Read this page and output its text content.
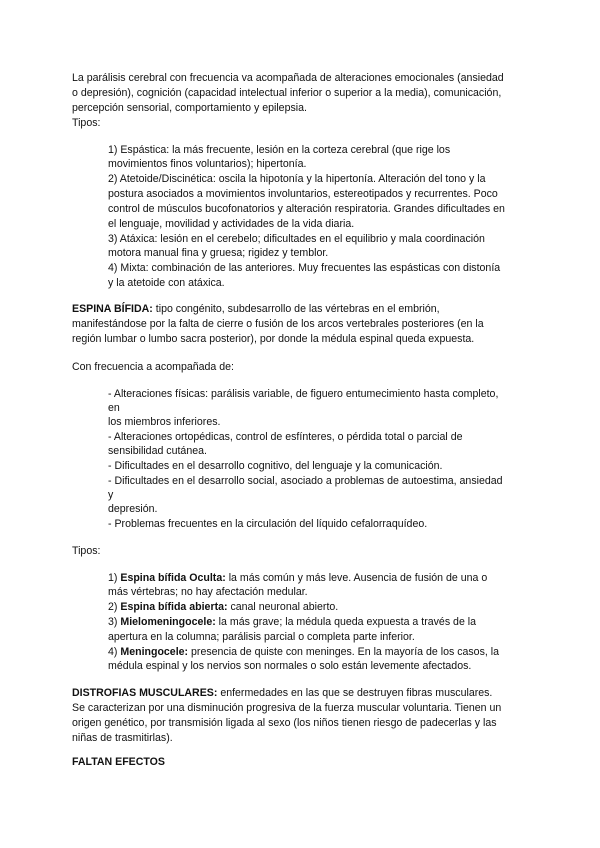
La parálisis cerebral con frecuencia va acompañada de alteraciones emocionales (ansiedad
o depresión), cognición (capacidad intelectual inferior o superior a la media), comunicación,
percepción sensorial, comportamiento y epilepsia.
Tipos:
1) Espástica: la más frecuente, lesión en la corteza cerebral (que rige los
movimientos finos voluntarios); hipertonía.
2) Atetoide/Discinética: oscila la hipotonía y la hipertonía. Alteración del tono y la
postura asociados a movimientos involuntarios, estereotipados y recurrentes. Poco
control de músculos bucofonatorios y alteración respiratoria. Grandes dificultades en
el lenguaje, movilidad y actividades de la vida diaria.
3) Atáxica: lesión en el cerebelo; dificultades en el equilibrio y mala coordinación
motora manual fina y gruesa; rigidez y temblor.
4) Mixta: combinación de las anteriores. Muy frecuentes las espásticas con distonía
y la atetoide con atáxica.
ESPINA BÍFIDA: tipo congénito, subdesarrollo de las vértebras en el embrión,
manifestándose por la falta de cierre o fusión de los arcos vertebrales posteriores (en la
región lumbar o lumbo sacra posterior), por donde la médula espinal queda expuesta.
Con frecuencia a acompañada de:
- Alteraciones físicas: parálisis variable, de figuero entumecimiento hasta completo,
en
los miembros inferiores.
- Alteraciones ortopédicas, control de esfínteres, o pérdida total o parcial de
sensibilidad cutánea.
- Dificultades en el desarrollo cognitivo, del lenguaje y la comunicación.
- Dificultades en el desarrollo social, asociado a problemas de autoestima, ansiedad
y
depresión.
- Problemas frecuentes en la circulación del líquido cefalorraquídeo.
Tipos:
1) Espina bífida Oculta: la más común y más leve. Ausencia de fusión de una o
más vértebras; no hay afectación medular.
2) Espina bífida abierta: canal neuronal abierto.
3) Mielomeningocele: la más grave; la médula queda expuesta a través de la
apertura en la columna; parálisis parcial o completa parte inferior.
4) Meningocele: presencia de quiste con meninges. En la mayoría de los casos, la
médula espinal y los nervios son normales o solo están levemente afectados.
DISTROFIAS MUSCULARES: enfermedades en las que se destruyen fibras musculares.
Se caracterizan por una disminución progresiva de la fuerza muscular voluntaria. Tienen un
origen genético, por transmisión ligada al sexo (los niños tienen riesgo de padecerlas y las
niñas de trasmitirlas).
FALTAN EFECTOS
